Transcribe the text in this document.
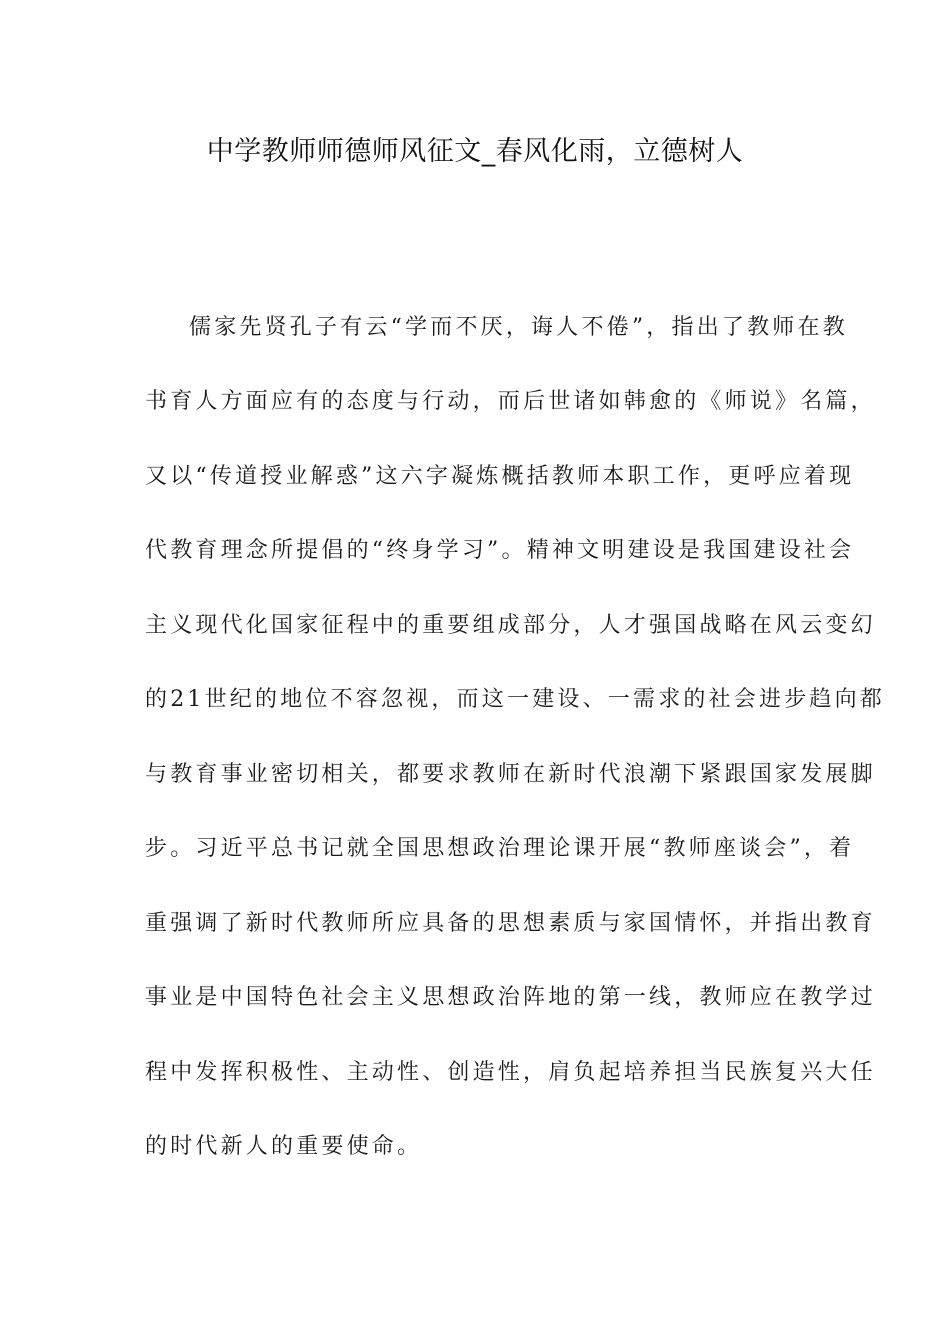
中学教师师德师风征文_春风化雨，立德树人
儒家先贤孔子有云“学而不厌，诲人不倦”，指出了教师在教
书育人方面应有的态度与行动，而后世诸如韩愈的《师说》名篇，
又以“传道授业解惑”这六字凝炼概括教师本职工作，更呼应着现
代教育理念所提倡的“终身学习”。精神文明建设是我国建设社会
主义现代化国家征程中的重要组成部分，人才强国战略在风云变幻
的21世纪的地位不容忽视，而这一建设、一需求的社会进步趋向都
与教育事业密切相关，都要求教师在新时代浪潮下紧跟国家发展脚
步。习近平总书记就全国思想政治理论课开展“教师座谈会”，着
重强调了新时代教师所应具备的思想素质与家国情怀，并指出教育
事业是中国特色社会主义思想政治阵地的第一线，教师应在教学过
程中发挥积极性、主动性、创造性，肩负起培养担当民族复兴大任
的时代新人的重要使命。
